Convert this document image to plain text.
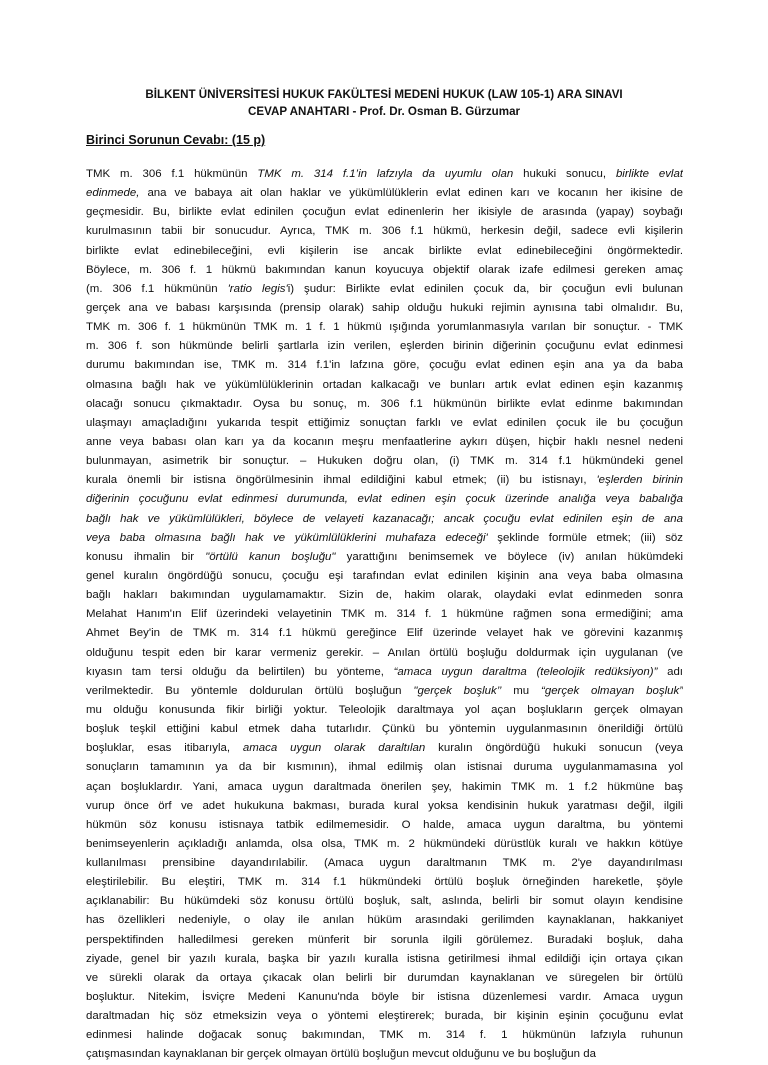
BİLKENT ÜNİVERSİTESİ HUKUK FAKÜLTESİ MEDENİ HUKUK (LAW 105-1) ARA SINAVI
CEVAP ANAHTARI - Prof. Dr. Osman B. Gürzumar
Birinci Sorunun Cevabı: (15 p)
TMK m. 306 f.1 hükmünün TMK m. 314 f.1’in lafzıyla da uyumlu olan hukuki sonucu, birlikte evlat
edinmede, ana ve babaya ait olan haklar ve yükümlülüklerin evlat edinen karı ve kocanın her ikisine de
geçmesidir. Bu, birlikte evlat edinilen çocuğun evlat edinenlerin her ikisiyle de arasında (yapay) soybağı
kurulmasının tabii bir sonucudur. Ayrıca, TMK m. 306 f.1 hükmü, herkesin değil, sadece evli kişilerin
birlikte evlat edinebileceğini, evli kişilerin ise ancak birlikte evlat edinebileceğini öngörmektedir.
Böylece, m. 306 f. 1 hükmü bakımından kanun koyucuya objektif olarak izafe edilmesi gereken amaç
(m. 306 f.1 hükmünün 'ratio legis'i) şudur: Birlikte evlat edinilen çocuk da, bir çocuğun evli bulunan
gerçek ana ve babası karşısında (prensip olarak) sahip olduğu hukuki rejimin aynısına tabi olmalıdır. Bu,
TMK m. 306 f. 1 hükmünün TMK m. 1 f. 1 hükmü ışığında yorumlanmasıyla varılan bir sonuçtur. - TMK
m. 306 f. son hükmünde belirli şartlarla izin verilen, eşlerden birinin diğerinin çocuğunu evlat edinmesi
durumu bakımından ise, TMK m. 314 f.1'in lafzına göre, çocuğu evlat edinen eşin ana ya da baba
olmasına bağlı hak ve yükümlülüklerinin ortadan kalkacağı ve bunları artık evlat edinen eşin kazanmış
olacağı sonucu çıkmaktadır. Oysa bu sonuç, m. 306 f.1 hükmünün birlikte evlat edinme bakımından
ulaşmayı amaçladığını yukarıda tespit ettiğimiz sonuçtan farklı ve evlat edinilen çocuk ile bu çocuğun
anne veya babası olan karı ya da kocanın meşru menfaatlerine aykırı düşen, hiçbir haklı nesnel nedeni
bulunmayan, asimetrik bir sonuçtur. – Hukuken doğru olan, (i) TMK m. 314 f.1 hükmündeki genel
kurala önemli bir istisna öngörülmesinin ihmal edildiğini kabul etmek; (ii) bu istisnayı, 'eşlerden birinin
diğerinin çocuğunu evlat edinmesi durumunda, evlat edinen eşin çocuk üzerinde analığa veya babalığa
bağlı hak ve yükümlülükleri, böylece de velayeti kazanacağı; ancak çocuğu evlat edinilen eşin de ana
veya baba olmasına bağlı hak ve yükümlülüklerini muhafaza edeceği' şeklinde formüle etmek; (iii) söz
konusu ihmalin bir "örtülü kanun boşluğu" yarattığını benimsemek ve böylece (iv) anılan hükümdeki
genel kuralın öngördüğü sonucu, çocuğu eşi tarafından evlat edinilen kişinin ana veya baba olmasına
bağlı hakları bakımından uygulamamaktır. Sizin de, hakim olarak, olaydaki evlat edinmeden sonra
Melahat Hanım'ın Elif üzerindeki velayetinin TMK m. 314 f. 1 hükmüne rağmen sona ermediğini; ama
Ahmet Bey'in de TMK m. 314 f.1 hükmü gereğince Elif üzerinde velayet hak ve görevini kazanmış
olduğunu tespit eden bir karar vermeniz gerekir. – Anılan örtülü boşluğu doldurmak için uygulanan (ve
kıyasın tam tersi olduğu da belirtilen) bu yönteme, “amaca uygun daraltma (teleolojik redüksiyon)” adı
verilmektedir. Bu yöntemle doldurulan örtülü boşluğun "gerçek boşluk’’ mu “gerçek olmayan boşluk”
mu olduğu konusunda fikir birliği yoktur. Teleolojik daraltmaya yol açan boşlukların gerçek olmayan
boşluk teşkil ettiğini kabul etmek daha tutarlıdır. Çünkü bu yöntemin uygulanmasının önerildiği örtülü
boşluklar, esas itibarıyla, amaca uygun olarak daraltılan kuralın öngördüğü hukuki sonucun (veya
sonuçların tamamının ya da bir kısmının), ihmal edilmiş olan istisnai duruma uygulanmamasına yol
açan boşluklardır. Yani, amaca uygun daraltmada önerilen şey, hakimin TMK m. 1 f.2 hükmüne baş
vurup önce örf ve adet hukukuna bakması, burada kural yoksa kendisinin hukuk yaratması değil, ilgili
hükmün söz konusu istisnaya tatbik edilmemesidir. O halde, amaca uygun daraltma, bu yöntemi
benimseyenlerin açıkladığı anlamda, olsa olsa, TMK m. 2 hükmündeki dürüstlük kuralı ve hakkın kötüye
kullanılması prensibine dayandırılabilir. (Amaca uygun daraltmanın TMK m. 2'ye dayandırılması
eleştirilebilir. Bu eleştiri, TMK m. 314 f.1 hükmündeki örtülü boşluk örneğinden hareketle, şöyle
açıklanabilir: Bu hükümdeki söz konusu örtülü boşluk, salt, aslında, belirli bir somut olayın kendisine
has özellikleri nedeniyle, o olay ile anılan hüküm arasındaki gerilimden kaynaklanan, hakkaniyet
perspektifinden halledilmesi gereken münferit bir sorunla ilgili görülemez. Buradaki boşluk, daha
ziyade, genel bir yazılı kurala, başka bir yazılı kuralla istisna getirilmesi ihmal edildiği için ortaya çıkan
ve sürekli olarak da ortaya çıkacak olan belirli bir durumdan kaynaklanan ve süregelen bir örtülü
boşluktur. Nitekim, İsviçre Medeni Kanunu'nda böyle bir istisna düzenlemesi vardır. Amaca uygun
daraltmadan hiç söz etmeksizin veya o yöntemi eleştirerek; burada, bir kişinin eşinin çocuğunu evlat
edinmesi halinde doğacak sonuç bakımından, TMK m. 314 f. 1 hükmünün lafzıyla ruhunun
çatışmasından kaynaklanan bir gerçek olmayan örtülü boşluğun mevcut olduğunu ve bu boşluğun da
